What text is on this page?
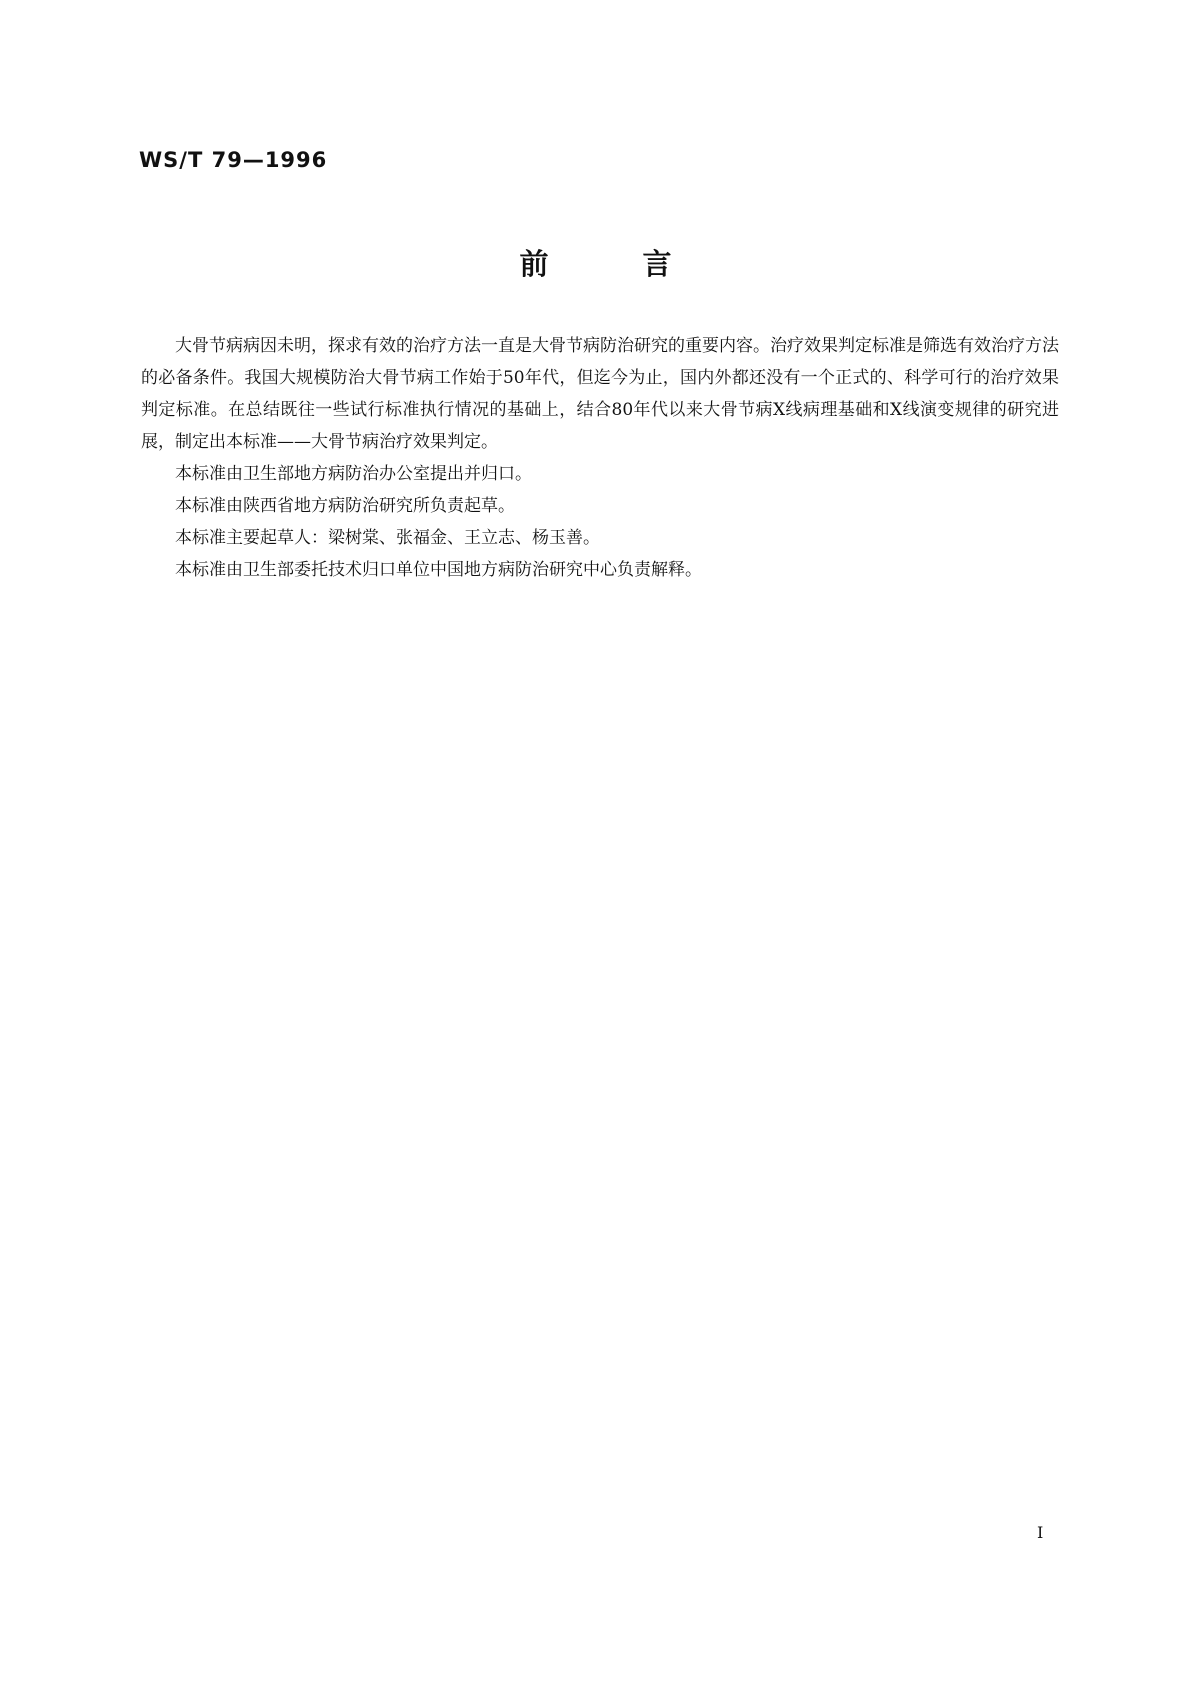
WS/T 79—1996
前言

大骨节病病因未明，探求有效的治疗方法一直是大骨节病防治研究的重要内容。治疗效果判定标准是筛选有效治疗方法的必备条件。我国大规模防治大骨节病工作始于50年代，但迄今为止，国内外都还没有一个正式的、科学可行的治疗效果判定标准。在总结既往一些试行标准执行情况的基础上，结合80年代以来大骨节病X线病理基础和X线演变规律的研究进展，制定出本标准——大骨节病治疗效果判定。

本标准由卫生部地方病防治办公室提出并归口。

本标准由陕西省地方病防治研究所负责起草。

本标准主要起草人：梁树棠、张福金、王立志、杨玉善。

本标准由卫生部委托技术归口单位中国地方病防治研究中心负责解释。

I
